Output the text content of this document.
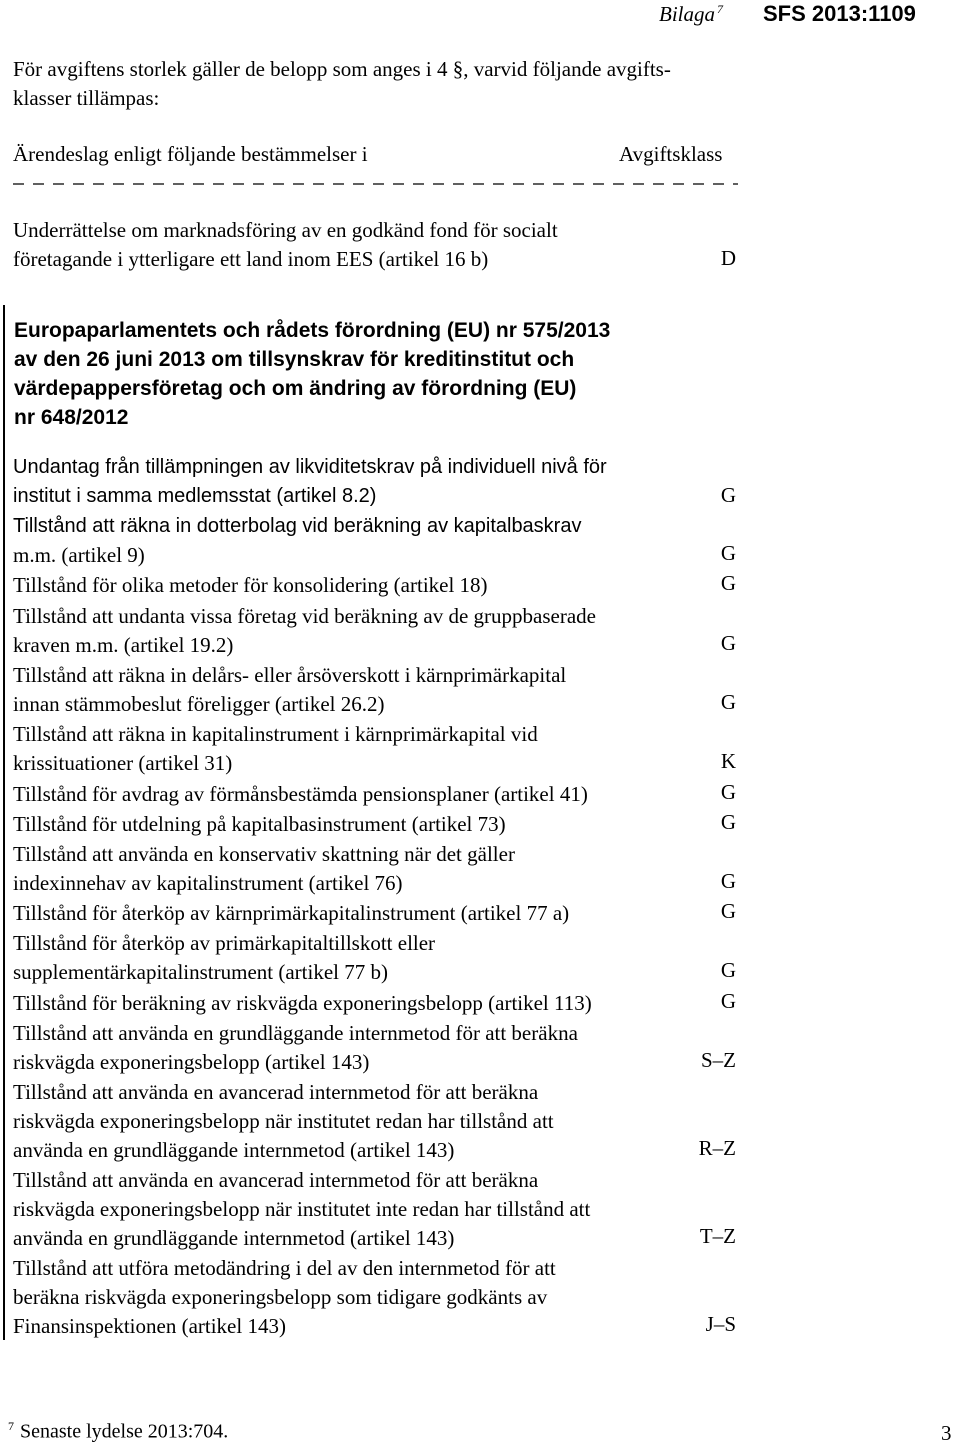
Bilaga $^7$ SFS 2013:1109
För avgiftens storlek gäller de belopp som anges i 4 §, varvid följande avgifts-
klasser tillämpas:
Ärendeslag enligt följande bestämmelser i	Avgiftsklass
Underrättelse om marknadsföring av en godkänd fond för socialt
företagande i ytterligare ett land inom EES (artikel 16 b)	D
Europaparlamentets och rådets förordning (EU) nr 575/2013
av den 26 juni 2013 om tillsynskrav för kreditinstitut och
värdepappersföretag och om ändring av förordning (EU)
nr 648/2012
Undantag från tillämpningen av likviditetskrav på individuell nivå för
institut i samma medlemsstat (artikel 8.2)	G
Tillstånd att räkna in dotterbolag vid beräkning av kapitalbaskrav
m.m. (artikel 9)	G
Tillstånd för olika metoder för konsolidering (artikel 18)	G
Tillstånd att undanta vissa företag vid beräkning av de gruppbaserade
kraven m.m. (artikel 19.2)	G
Tillstånd att räkna in delårs- eller årsöverskott i kärnprimärkapital
innan stämmobeslut föreligger (artikel 26.2)	G
Tillstånd att räkna in kapitalinstrument i kärnprimärkapital vid
krissituationer (artikel 31)	K
Tillstånd för avdrag av förmånsbestämda pensionsplaner (artikel 41)	G
Tillstånd för utdelning på kapitalbasinstrument (artikel 73)	G
Tillstånd att använda en konservativ skattning när det gäller
indexinnehav av kapitalinstrument (artikel 76)	G
Tillstånd för återköp av kärnprimärkapitalinstrument (artikel 77 a)	G
Tillstånd för återköp av primärkapitaltillskott eller
supplementärkapitalinstrument (artikel 77 b)	G
Tillstånd för beräkning av riskvägda exponeringsbelopp (artikel 113)	G
Tillstånd att använda en grundläggande internmetod för att beräkna
riskvägda exponeringsbelopp (artikel 143)	S–Z
Tillstånd att använda en avancerad internmetod för att beräkna
riskvägda exponeringsbelopp när institutet redan har tillstånd att
använda en grundläggande internmetod (artikel 143)	R–Z
Tillstånd att använda en avancerad internmetod för att beräkna
riskvägda exponeringsbelopp när institutet inte redan har tillstånd att
använda en grundläggande internmetod (artikel 143)	T–Z
Tillstånd att utföra metodändring i del av den internmetod för att
beräkna riskvägda exponeringsbelopp som tidigare godkänts av
Finansinspektionen (artikel 143)	J–S
$^7$ Senaste lydelse 2013:704.	3
